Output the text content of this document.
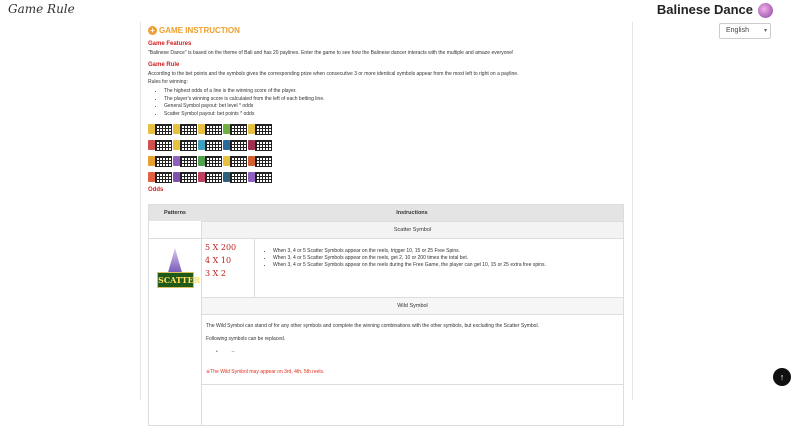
Game Rule	Balinese Dance
English	▾
+ GAME INSTRUCTION
Game Features
"Balinese Dance" is based on the theme of Bali and has 20 paylines. Enter the game to see how the Balinese dancer interacts with the multiple and amaze everyone!
Game Rule
According to the bet points and the symbols gives the corresponding prize when consecutive 3 or more identical symbols appear from the most left to right on a payline.
Rules for winning：
• The highest odds of a line is the winning score of the player.
• The player's winning score is calculated from the left of each betting line.
• General Symbol payout: bet level * odds
• Scatter Symbol payout: bet points * odds
Odds
Patterns	Instructions
Scatter Symbol
SCATTER
5 X 200
4 X 10
3 X 2
• When 3, 4 or 5 Scatter Symbols appear on the reels, trigger 10, 15 or 25 Free Spins.
• When 3, 4 or 5 Scatter Symbols appear on the reels, get 2, 10 or 200 times the total bet.
• When 3, 4 or 5 Scatter Symbols appear on the reels during the Free Game, the player can get 10, 15 or 25 extra free spins.
Wild Symbol
The Wild Symbol can stand of for any other symbols and complete the winning combinations with the other symbols, but excluding the Scatter Symbol.
Following symbols can be replaced.
•          –
※The Wild Symbol may appear on 3rd, 4th, 5th reels.	↑
